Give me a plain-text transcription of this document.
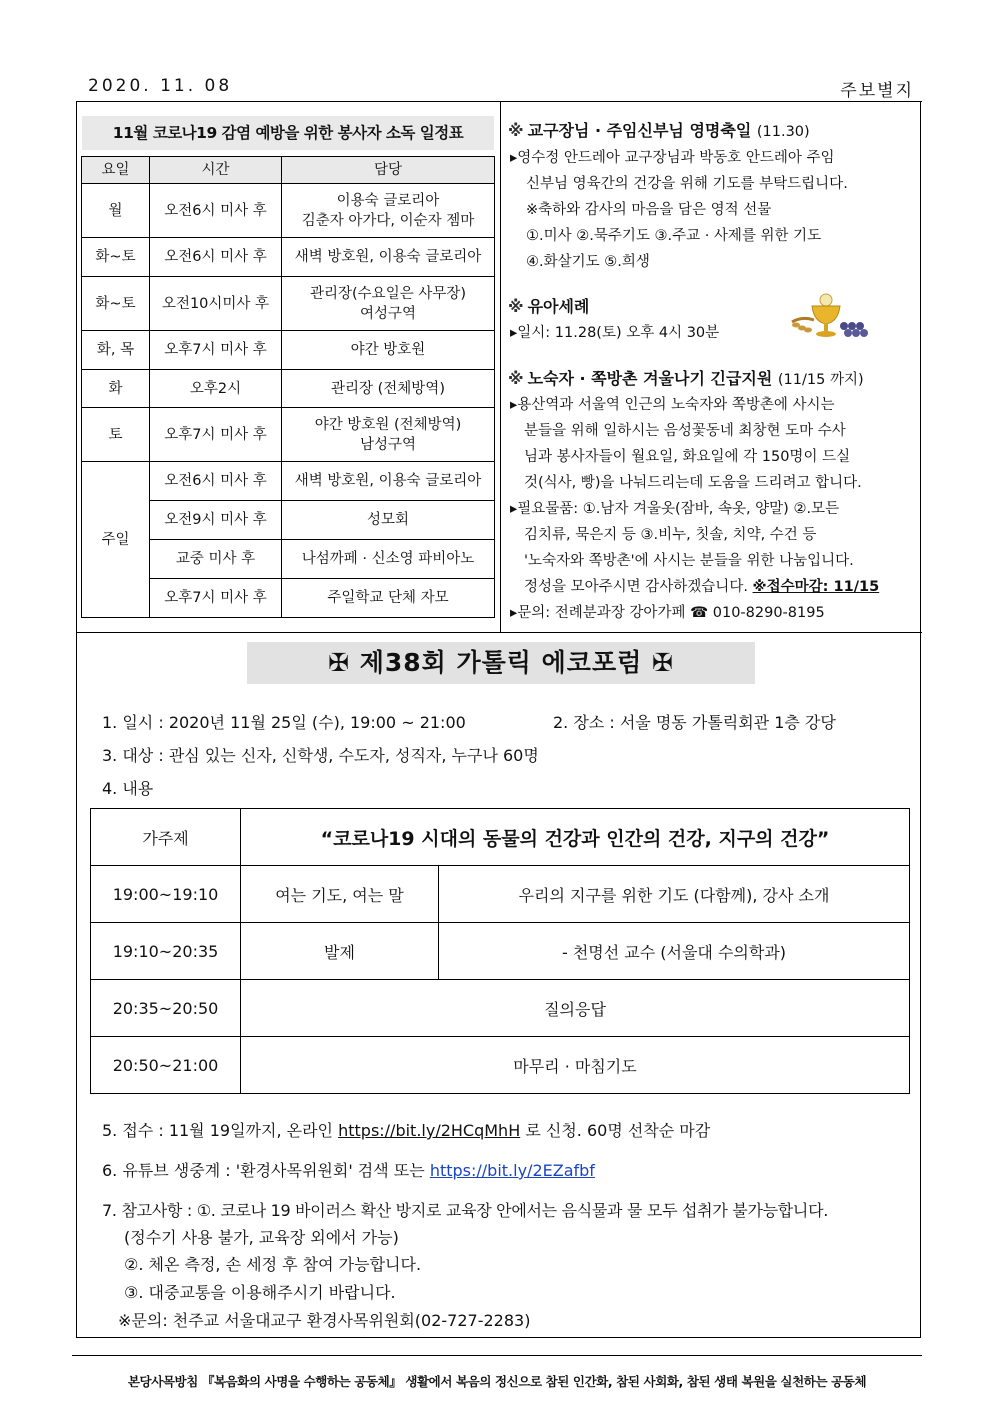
2020. 11. 08	주보별지
11월 코로나19 감염 예방을 위한 봉사자 소독 일정표
요일	시간	담당
월	오전6시 미사 후	이용숙 글로리아
김춘자 아가다, 이순자 젬마

화~토	오전6시 미사 후	새벽 방호원, 이용숙 글로리아
화~토	오전10시미사 후	관리장(수요일은 사무장)
여성구역

화, 목	오후7시 미사 후	야간 방호원
화	오후2시	관리장 (전체방역)
토	오후7시 미사 후	야간 방호원 (전체방역)
남성구역

주일	오전6시 미사 후	새벽 방호원, 이용숙 글로리아
	오전9시 미사 후	성모회
	교중 미사 후	나섬까페 · 신소영 파비아노
	오후7시 미사 후	주일학교 단체 자모
※ 교구장님 · 주임신부님 영명축일 (11.30)
▸영수정 안드레아 교구장님과 박동호 안드레아 주임
신부님 영육간의 건강을 위해 기도를 부탁드립니다.
※축하와 감사의 마음을 담은 영적 선물
①.미사 ②.묵주기도 ③.주교 · 사제를 위한 기도
④.화살기도 ⑤.희생
※ 유아세례
▸일시: 11.28(토) 오후 4시 30분
※ 노숙자 · 쪽방촌 겨울나기 긴급지원 (11/15 까지)
▸용산역과 서울역 인근의 노숙자와 쪽방촌에 사시는
분들을 위해 일하시는 음성꽃동네 최창현 도마 수사
님과 봉사자들이 월요일, 화요일에 각 150명이 드실
것(식사, 빵)을 나눠드리는데 도움을 드리려고 합니다.
▸필요물품: ①.남자 겨울옷(잠바, 속옷, 양말) ②.모든
김치류, 묵은지 등 ③.비누, 칫솔, 치약, 수건 등
'노숙자와 쪽방촌'에 사시는 분들을 위한 나눔입니다.
정성을 모아주시면 감사하겠습니다. ※접수마감: 11/15
▸문의: 전례분과장 강아가페 ☎ 010-8290-8195
✠ 제38회 가톨릭 에코포럼 ✠
1. 일시 : 2020년 11월 25일 (수), 19:00 ~ 21:00	2. 장소 : 서울 명동 가톨릭회관 1층 강당
3. 대상 : 관심 있는 신자, 신학생, 수도자, 성직자, 누구나 60명
4. 내용
가주제	“코로나19 시대의 동물의 건강과 인간의 건강, 지구의 건강”	
19:00~19:10	여는 기도, 여는 말	우리의 지구를 위한 기도 (다함께), 강사 소개
19:10~20:35	발제	- 천명선 교수 (서울대 수의학과)
20:35~20:50	질의응답	
20:50~21:00	마무리 · 마침기도	
5. 접수 : 11월 19일까지, 온라인 https://bit.ly/2HCqMhH 로 신청. 60명 선착순 마감
6. 유튜브 생중계 : '환경사목위원회' 검색 또는 https://bit.ly/2EZafbf
7. 참고사항 : ①. 코로나 19 바이러스 확산 방지로 교육장 안에서는 음식물과 물 모두 섭취가 불가능합니다.
(정수기 사용 불가, 교육장 외에서 가능)
②. 체온 측정, 손 세정 후 참여 가능합니다.
③. 대중교통을 이용해주시기 바랍니다.
※문의: 천주교 서울대교구 환경사목위원회(02-727-2283)
본당사목방침 『복음화의 사명을 수행하는 공동체』 생활에서 복음의 정신으로 참된 인간화, 참된 사회화, 참된 생태 복원을 실천하는 공동체
